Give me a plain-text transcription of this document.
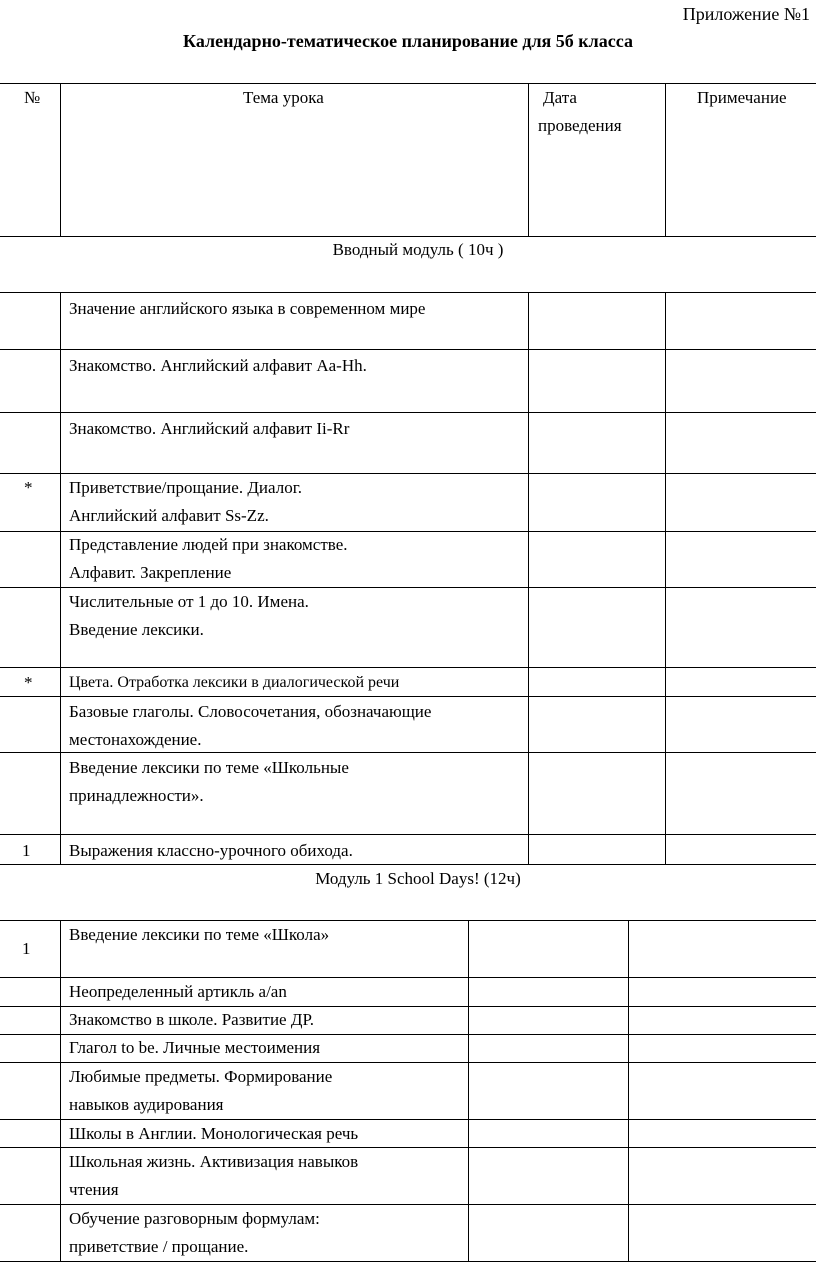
Приложение №1
Календарно-тематическое планирование для 5б класса
№	Тема урока	Дата
проведения
Примечание
Вводный модуль ( 10ч )
Значение английского языка в современном мире
Знакомство. Английский алфавит Aa-Hh.
Знакомство. Английский алфавит Ii-Rr
* Приветствие/прощание. Диалог.
Английский алфавит Ss-Zz.
Представление людей при знакомстве.
Алфавит. Закрепление
Числительные от 1 до 10. Имена.
Введение лексики.
* Цвета. Отработка лексики в диалогической речи
Базовые глаголы. Словосочетания, обозначающие
местонахождение.
Введение лексики по теме «Школьные
принадлежности».
1 Выражения классно-урочного обихода.
Модуль 1 School Days! (12ч)
1
Введение лексики по теме «Школа»
Неопределенный артикль a/an
Знакомство в школе. Развитие ДР.
Глагол to be. Личные местоимения
Любимые предметы. Формирование
навыков аудирования
Школы в Англии. Монологическая речь
Школьная жизнь. Активизация навыков
чтения
Обучение разговорным формулам:
приветствие / прощание.
